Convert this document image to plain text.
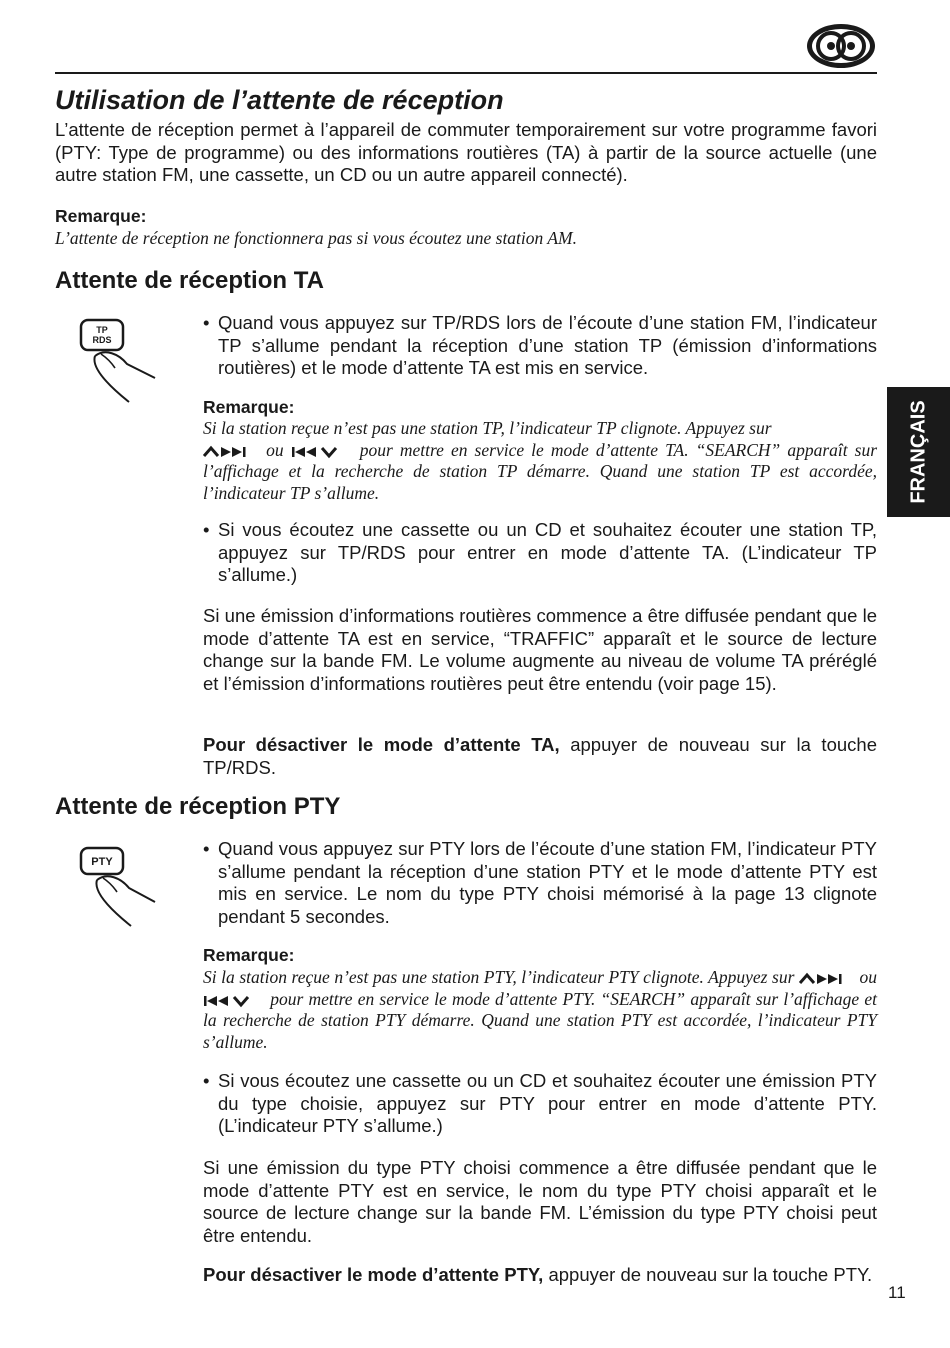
Utilisation de l’attente de réception

L’attente de réception permet à l’appareil de commuter temporairement sur votre programme favori (PTY: Type de programme) ou des informations routières (TA) à partir de la source actuelle (une autre station FM, une cassette, un CD ou un autre appareil connecté).

Remarque:

L’attente de réception ne fonctionnera pas si vous écoutez une station AM.

Attente de réception TA
TP
RDS
• Quand vous appuyez sur TP/RDS lors de l’écoute d’une station FM, l’indicateur TP s’allume pendant la réception d’une station TP (émission d’informations routières) et le mode d’attente TA est mis en service.

Remarque:

Si la station reçue n’est pas une station TP, l’indicateur TP clignote. Appuyez sur
ou	pour mettre en service le mode d’attente TA. “SEARCH” apparaît sur l’affichage et la recherche de station TP démarre. Quand une station TP est accordée, l’indicateur TP s’allume.

• Si vous écoutez une cassette ou un CD et souhaitez écouter une station TP, appuyez sur TP/RDS pour entrer en mode d’attente TA. (L’indicateur TP s’allume.)

Si une émission d’informations routières commence a être diffusée pendant que le mode d’attente TA est en service, “TRAFFIC” apparaît et le source de lecture change sur la bande FM. Le volume augmente au niveau de volume TA préréglé et l’émission d’informations routières peut être entendu (voir page 15).

Pour désactiver le mode d’attente TA, appuyer de nouveau sur la touche TP/RDS.

Attente de réception PTY
PTY
• Quand vous appuyez sur PTY lors de l’écoute d’une station FM, l’indicateur PTY s’allume pendant la réception d’une station PTY et le mode d’attente PTY est mis en service. Le nom du type PTY choisi mémorisé à la page 13 clignote pendant 5 secondes.

Remarque:

Si la station reçue n’est pas une station PTY, l’indicateur PTY clignote. Appuyez sur	ou  pour mettre en service le mode d’attente PTY. “SEARCH” apparaît sur l’affichage et la recherche de station PTY démarre. Quand une station PTY est accordée, l’indicateur PTY s’allume.

• Si vous écoutez une cassette ou un CD et souhaitez écouter une émission PTY du type choisie, appuyez sur PTY pour entrer en mode d’attente PTY. (L’indicateur PTY s’allume.)

Si une émission du type PTY choisi commence a être diffusée pendant que le mode d’attente PTY est en service, le nom du type PTY choisi apparaît et le source de lecture change sur la bande FM. L’émission du type PTY choisi peut être entendu.

Pour désactiver le mode d’attente PTY, appuyer de nouveau sur la touche PTY.

FRANÇAIS
11
